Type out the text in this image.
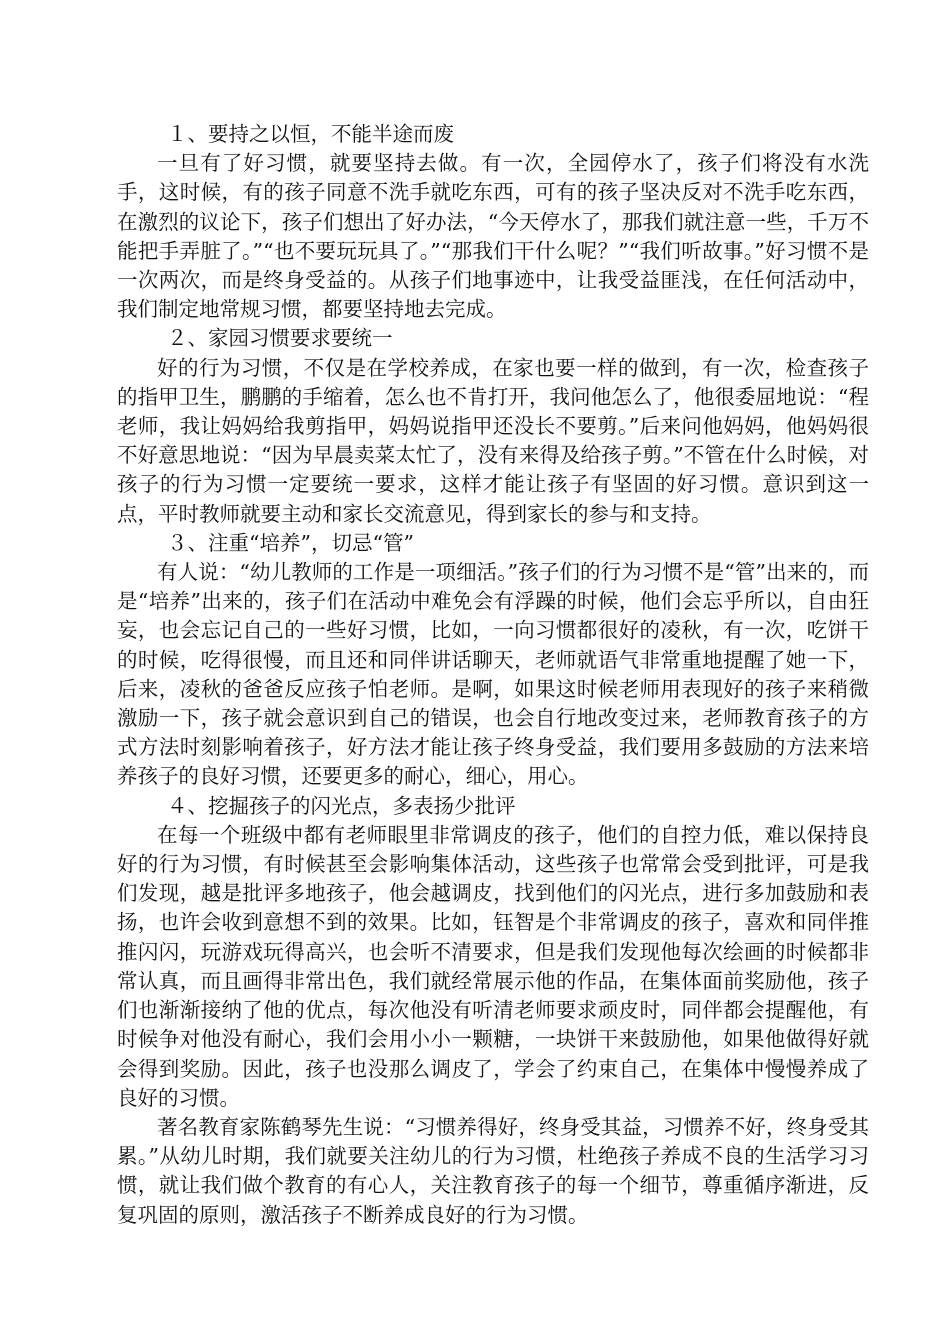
１、要持之以恒，不能半途而废

一旦有了好习惯，就要坚持去做。有一次，全园停水了，孩子们将没有水洗手，这时候，有的孩子同意不洗手就吃东西，可有的孩子坚决反对不洗手吃东西，在激烈的议论下，孩子们想出了好办法，“今天停水了，那我们就注意一些，千万不能把手弄脏了。”“也不要玩玩具了。”“那我们干什么呢？”“我们听故事。”好习惯不是一次两次，而是终身受益的。从孩子们地事迹中，让我受益匪浅，在任何活动中，我们制定地常规习惯，都要坚持地去完成。

２、家园习惯要求要统一

好的行为习惯，不仅是在学校养成，在家也要一样的做到，有一次，检查孩子的指甲卫生，鹏鹏的手缩着，怎么也不肯打开，我问他怎么了，他很委屈地说：“程老师，我让妈妈给我剪指甲，妈妈说指甲还没长不要剪。”后来问他妈妈，他妈妈很不好意思地说：“因为早晨卖菜太忙了，没有来得及给孩子剪。”不管在什么时候，对孩子的行为习惯一定要统一要求，这样才能让孩子有坚固的好习惯。意识到这一点，平时教师就要主动和家长交流意见，得到家长的参与和支持。

３、注重“培养”，切忌“管”

有人说：“幼儿教师的工作是一项细活。”孩子们的行为习惯不是“管”出来的，而是“培养”出来的，孩子们在活动中难免会有浮躁的时候，他们会忘乎所以，自由狂妄，也会忘记自己的一些好习惯，比如，一向习惯都很好的凌秋，有一次，吃饼干的时候，吃得很慢，而且还和同伴讲话聊天，老师就语气非常重地提醒了她一下，后来，凌秋的爸爸反应孩子怕老师。是啊，如果这时候老师用表现好的孩子来稍微激励一下，孩子就会意识到自己的错误，也会自行地改变过来，老师教育孩子的方式方法时刻影响着孩子，好方法才能让孩子终身受益，我们要用多鼓励的方法来培养孩子的良好习惯，还要更多的耐心，细心，用心。

４、挖掘孩子的闪光点，多表扬少批评

在每一个班级中都有老师眼里非常调皮的孩子，他们的自控力低，难以保持良好的行为习惯，有时候甚至会影响集体活动，这些孩子也常常会受到批评，可是我们发现，越是批评多地孩子，他会越调皮，找到他们的闪光点，进行多加鼓励和表扬，也许会收到意想不到的效果。比如，钰智是个非常调皮的孩子，喜欢和同伴推推闪闪，玩游戏玩得高兴，也会听不清要求，但是我们发现他每次绘画的时候都非常认真，而且画得非常出色，我们就经常展示他的作品，在集体面前奖励他，孩子们也渐渐接纳了他的优点，每次他没有听清老师要求顽皮时，同伴都会提醒他，有时候争对他没有耐心，我们会用小小一颗糖，一块饼干来鼓励他，如果他做得好就会得到奖励。因此，孩子也没那么调皮了，学会了约束自己，在集体中慢慢养成了良好的习惯。

著名教育家陈鹤琴先生说：“习惯养得好，终身受其益，习惯养不好，终身受其累。”从幼儿时期，我们就要关注幼儿的行为习惯，杜绝孩子养成不良的生活学习习惯，就让我们做个教育的有心人，关注教育孩子的每一个细节，尊重循序渐进，反复巩固的原则，激活孩子不断养成良好的行为习惯。
